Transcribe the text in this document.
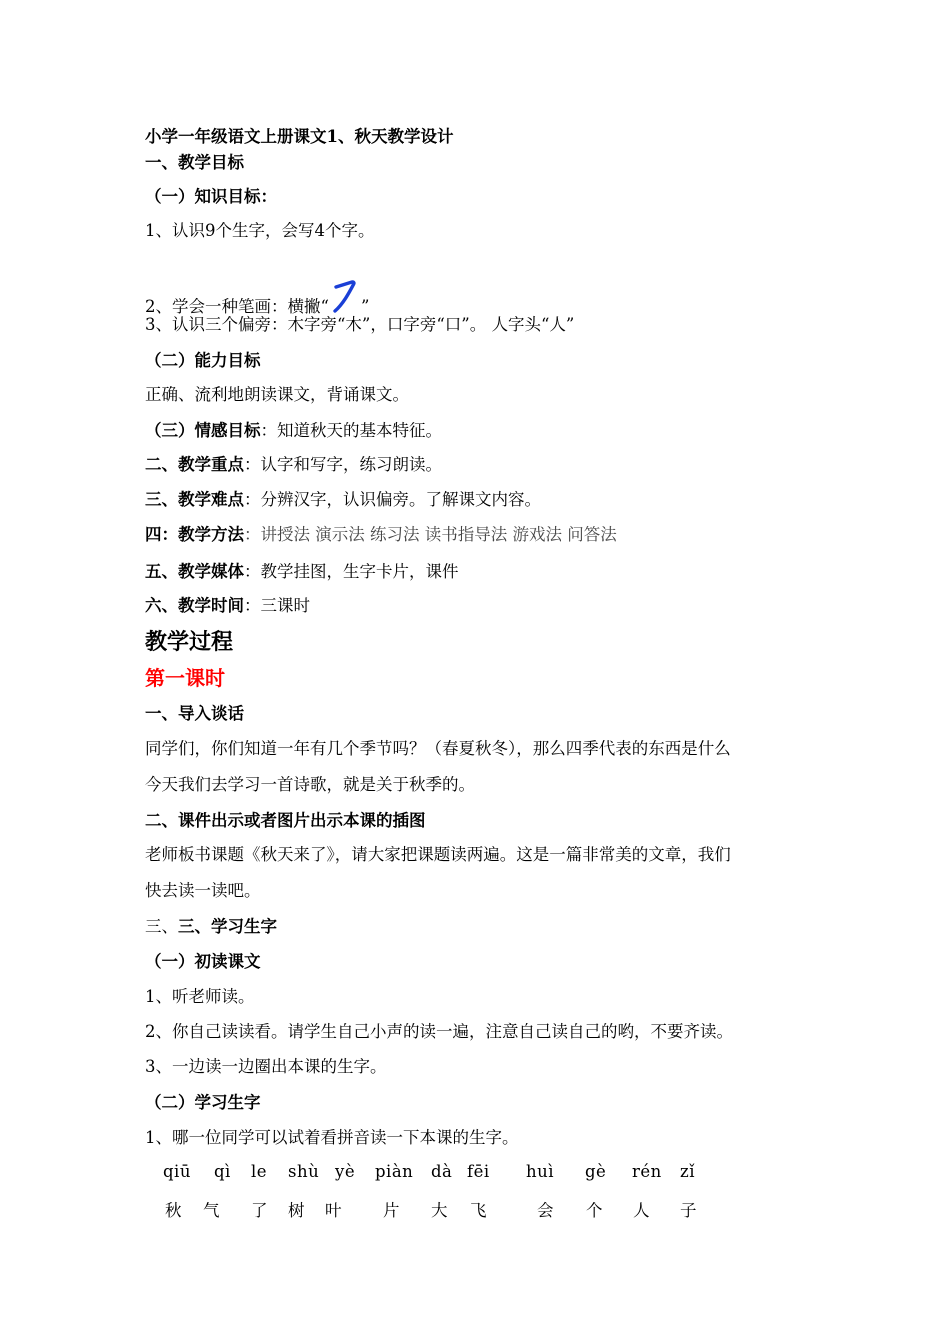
小学一年级语文上册课文1、秋天教学设计
一、教学目标
（一）知识目标：
1、认识9个生字，会写4个字。
2、学会一种笔画：横撇“ ”
3、认识三个偏旁：木字旁“木”，口字旁“口”。 人字头“人”
（二）能力目标
正确、流利地朗读课文，背诵课文。
（三）情感目标：知道秋天的基本特征。
二、教学重点：认字和写字，练习朗读。
三、教学难点：分辨汉字，认识偏旁。了解课文内容。
四：教学方法：讲授法 演示法 练习法 读书指导法 游戏法 问答法
五、教学媒体：教学挂图，生字卡片，课件
六、教学时间：三课时
教学过程
第一课时
一、导入谈话
同学们，你们知道一年有几个季节吗？（春夏秋冬），那么四季代表的东西是什么
今天我们去学习一首诗歌，就是关于秋季的。
二、课件出示或者图片出示本课的插图
老师板书课题《秋天来了》，请大家把课题读两遍。这是一篇非常美的文章，我们
快去读一读吧。
三、三、学习生字
（一）初读课文
1、听老师读。
2、你自己读读看。请学生自己小声的读一遍，注意自己读自己的哟，不要齐读。
3、一边读一边圈出本课的生字。
（二）学习生字
1、哪一位同学可以试着看拼音读一下本课的生字。
qiū qì le shù yè piàn dà fēi huì gè rén zǐ
秋 气 了 树 叶	片 大 飞	会 个 人 子
